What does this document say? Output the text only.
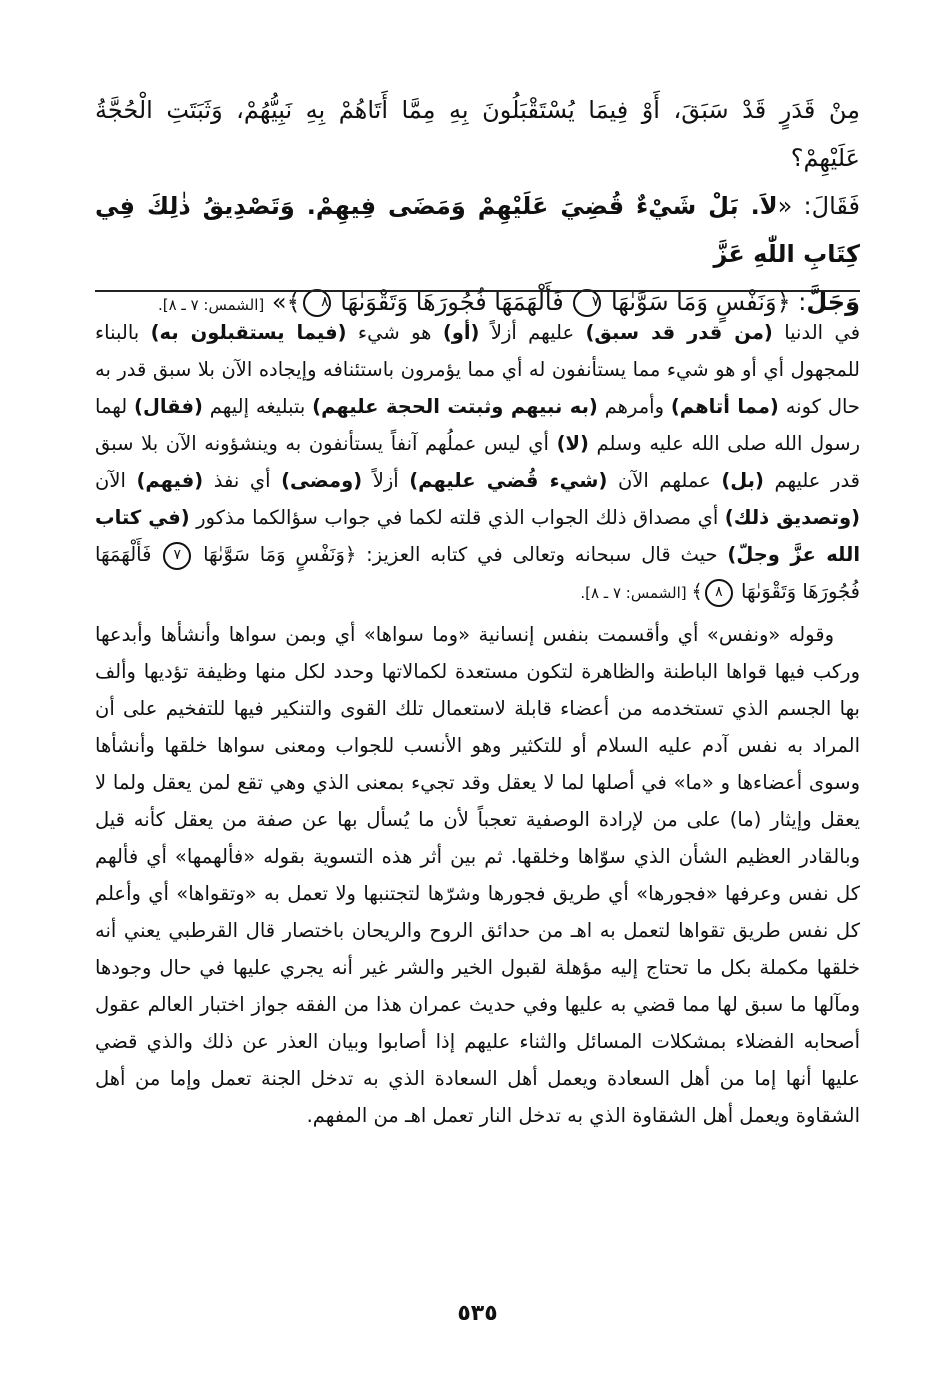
مِنْ قَدَرٍ قَدْ سَبَقَ، أَوْ فِيمَا يُسْتَقْبَلُونَ بِهِ مِمَّا أَتَاهُمْ بِهِ نَبِيُّهُمْ، وَثَبَتَتِ الْحُجَّةُ عَلَيْهِمْ؟
فَقَالَ: «لاَ. بَلْ شَيْءٌ قُضِيَ عَلَيْهِمْ وَمَضَى فِيهِمْ. وَتَصْدِيقُ ذٰلِكَ فِي كِتَابِ اللّٰهِ عَزَّ
وَجَلَّ: ﴿وَنَفْسٍ وَمَا سَوَّىٰهَا ٧ فَأَلْهَمَهَا فُجُورَهَا وَتَقْوَىٰهَا ٨﴾» [الشمس: ٧ ـ ٨].

في الدنيا (من قدر قد سبق) عليهم أزلاً (أو) هو شيء (فيما يستقبلون به) بالبناء للمجهول أي أو هو شيء مما يستأنفون له أي مما يؤمرون باستئنافه وإيجاده الآن بلا سبق قدر به حال كونه (مما أتاهم) وأمرهم (به نبيهم وثبتت الحجة عليهم) بتبليغه إليهم (فقال) لهما رسول الله صلى الله عليه وسلم (لا) أي ليس عملُهم آنفاً يستأنفون به وينشؤونه الآن بلا سبق قدر عليهم (بل) عملهم الآن (شيء قُضي عليهم) أزلاً (ومضى) أي نفذ (فيهم) الآن (وتصديق ذلك) أي مصداق ذلك الجواب الذي قلته لكما في جواب سؤالكما مذكور (في كتاب الله عزَّ وجلّ) حيث قال سبحانه وتعالى في كتابه العزيز: ﴿وَنَفْسٍ وَمَا سَوَّىٰهَا ٧ فَأَلْهَمَهَا فُجُورَهَا وَتَقْوَىٰهَا ٨﴾ [الشمس: ٧ ـ ٨].

وقوله «ونفس» أي وأقسمت بنفس إنسانية «وما سواها» أي وبمن سواها وأنشأها وأبدعها وركب فيها قواها الباطنة والظاهرة لتكون مستعدة لكمالاتها وحدد لكل منها وظيفة تؤديها وألف بها الجسم الذي تستخدمه من أعضاء قابلة لاستعمال تلك القوى والتنكير فيها للتفخيم على أن المراد به نفس آدم عليه السلام أو للتكثير وهو الأنسب للجواب ومعنى سواها خلقها وأنشأها وسوى أعضاءها و «ما» في أصلها لما لا يعقل وقد تجيء بمعنى الذي وهي تقع لمن يعقل ولما لا يعقل وإيثار (ما) على من لإرادة الوصفية تعجباً لأن ما يُسأل بها عن صفة من يعقل كأنه قيل وبالقادر العظيم الشأن الذي سوّاها وخلقها. ثم بين أثر هذه التسوية بقوله «فألهمها» أي فألهم كل نفس وعرفها «فجورها» أي طريق فجورها وشرّها لتجتنبها ولا تعمل به «وتقواها» أي وأعلم كل نفس طريق تقواها لتعمل به اهـ من حدائق الروح والريحان باختصار قال القرطبي يعني أنه خلقها مكملة بكل ما تحتاج إليه مؤهلة لقبول الخير والشر غير أنه يجري عليها في حال وجودها ومآلها ما سبق لها مما قضي به عليها وفي حديث عمران هذا من الفقه جواز اختبار العالم عقول أصحابه الفضلاء بمشكلات المسائل والثناء عليهم إذا أصابوا وبيان العذر عن ذلك والذي قضي عليها أنها إما من أهل السعادة ويعمل أهل السعادة الذي به تدخل الجنة تعمل وإما من أهل الشقاوة ويعمل أهل الشقاوة الذي به تدخل النار تعمل اهـ من المفهم.

٥٣٥
